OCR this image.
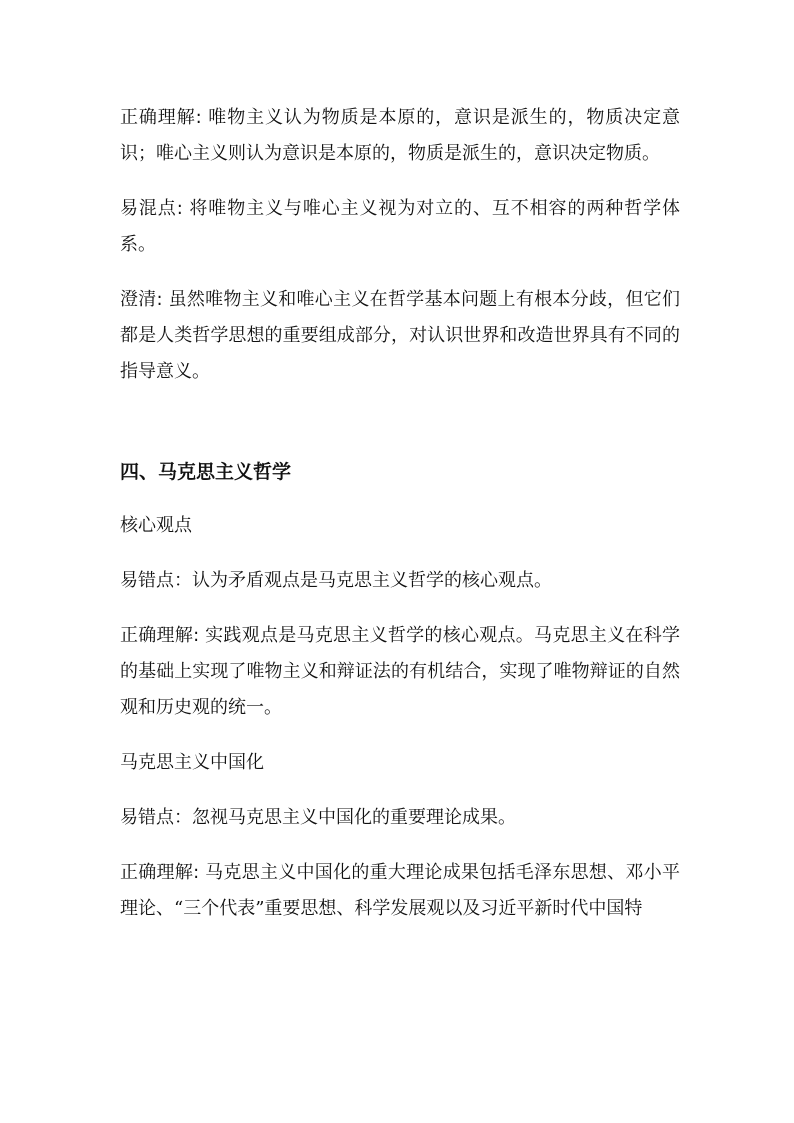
正确理解: 唯物主义认为物质是本原的，意识是派生的，物质决定意识；唯心主义则认为意识是本原的，物质是派生的，意识决定物质。

易混点: 将唯物主义与唯心主义视为对立的、互不相容的两种哲学体系。

澄清: 虽然唯物主义和唯心主义在哲学基本问题上有根本分歧，但它们都是人类哲学思想的重要组成部分，对认识世界和改造世界具有不同的指导意义。

四、马克思主义哲学

核心观点

易错点：认为矛盾观点是马克思主义哲学的核心观点。

正确理解: 实践观点是马克思主义哲学的核心观点。马克思主义在科学的基础上实现了唯物主义和辩证法的有机结合，实现了唯物辩证的自然观和历史观的统一。

马克思主义中国化

易错点：忽视马克思主义中国化的重要理论成果。

正确理解: 马克思主义中国化的重大理论成果包括毛泽东思想、邓小平理论、“三个代表”重要思想、科学发展观以及习近平新时代中国特
